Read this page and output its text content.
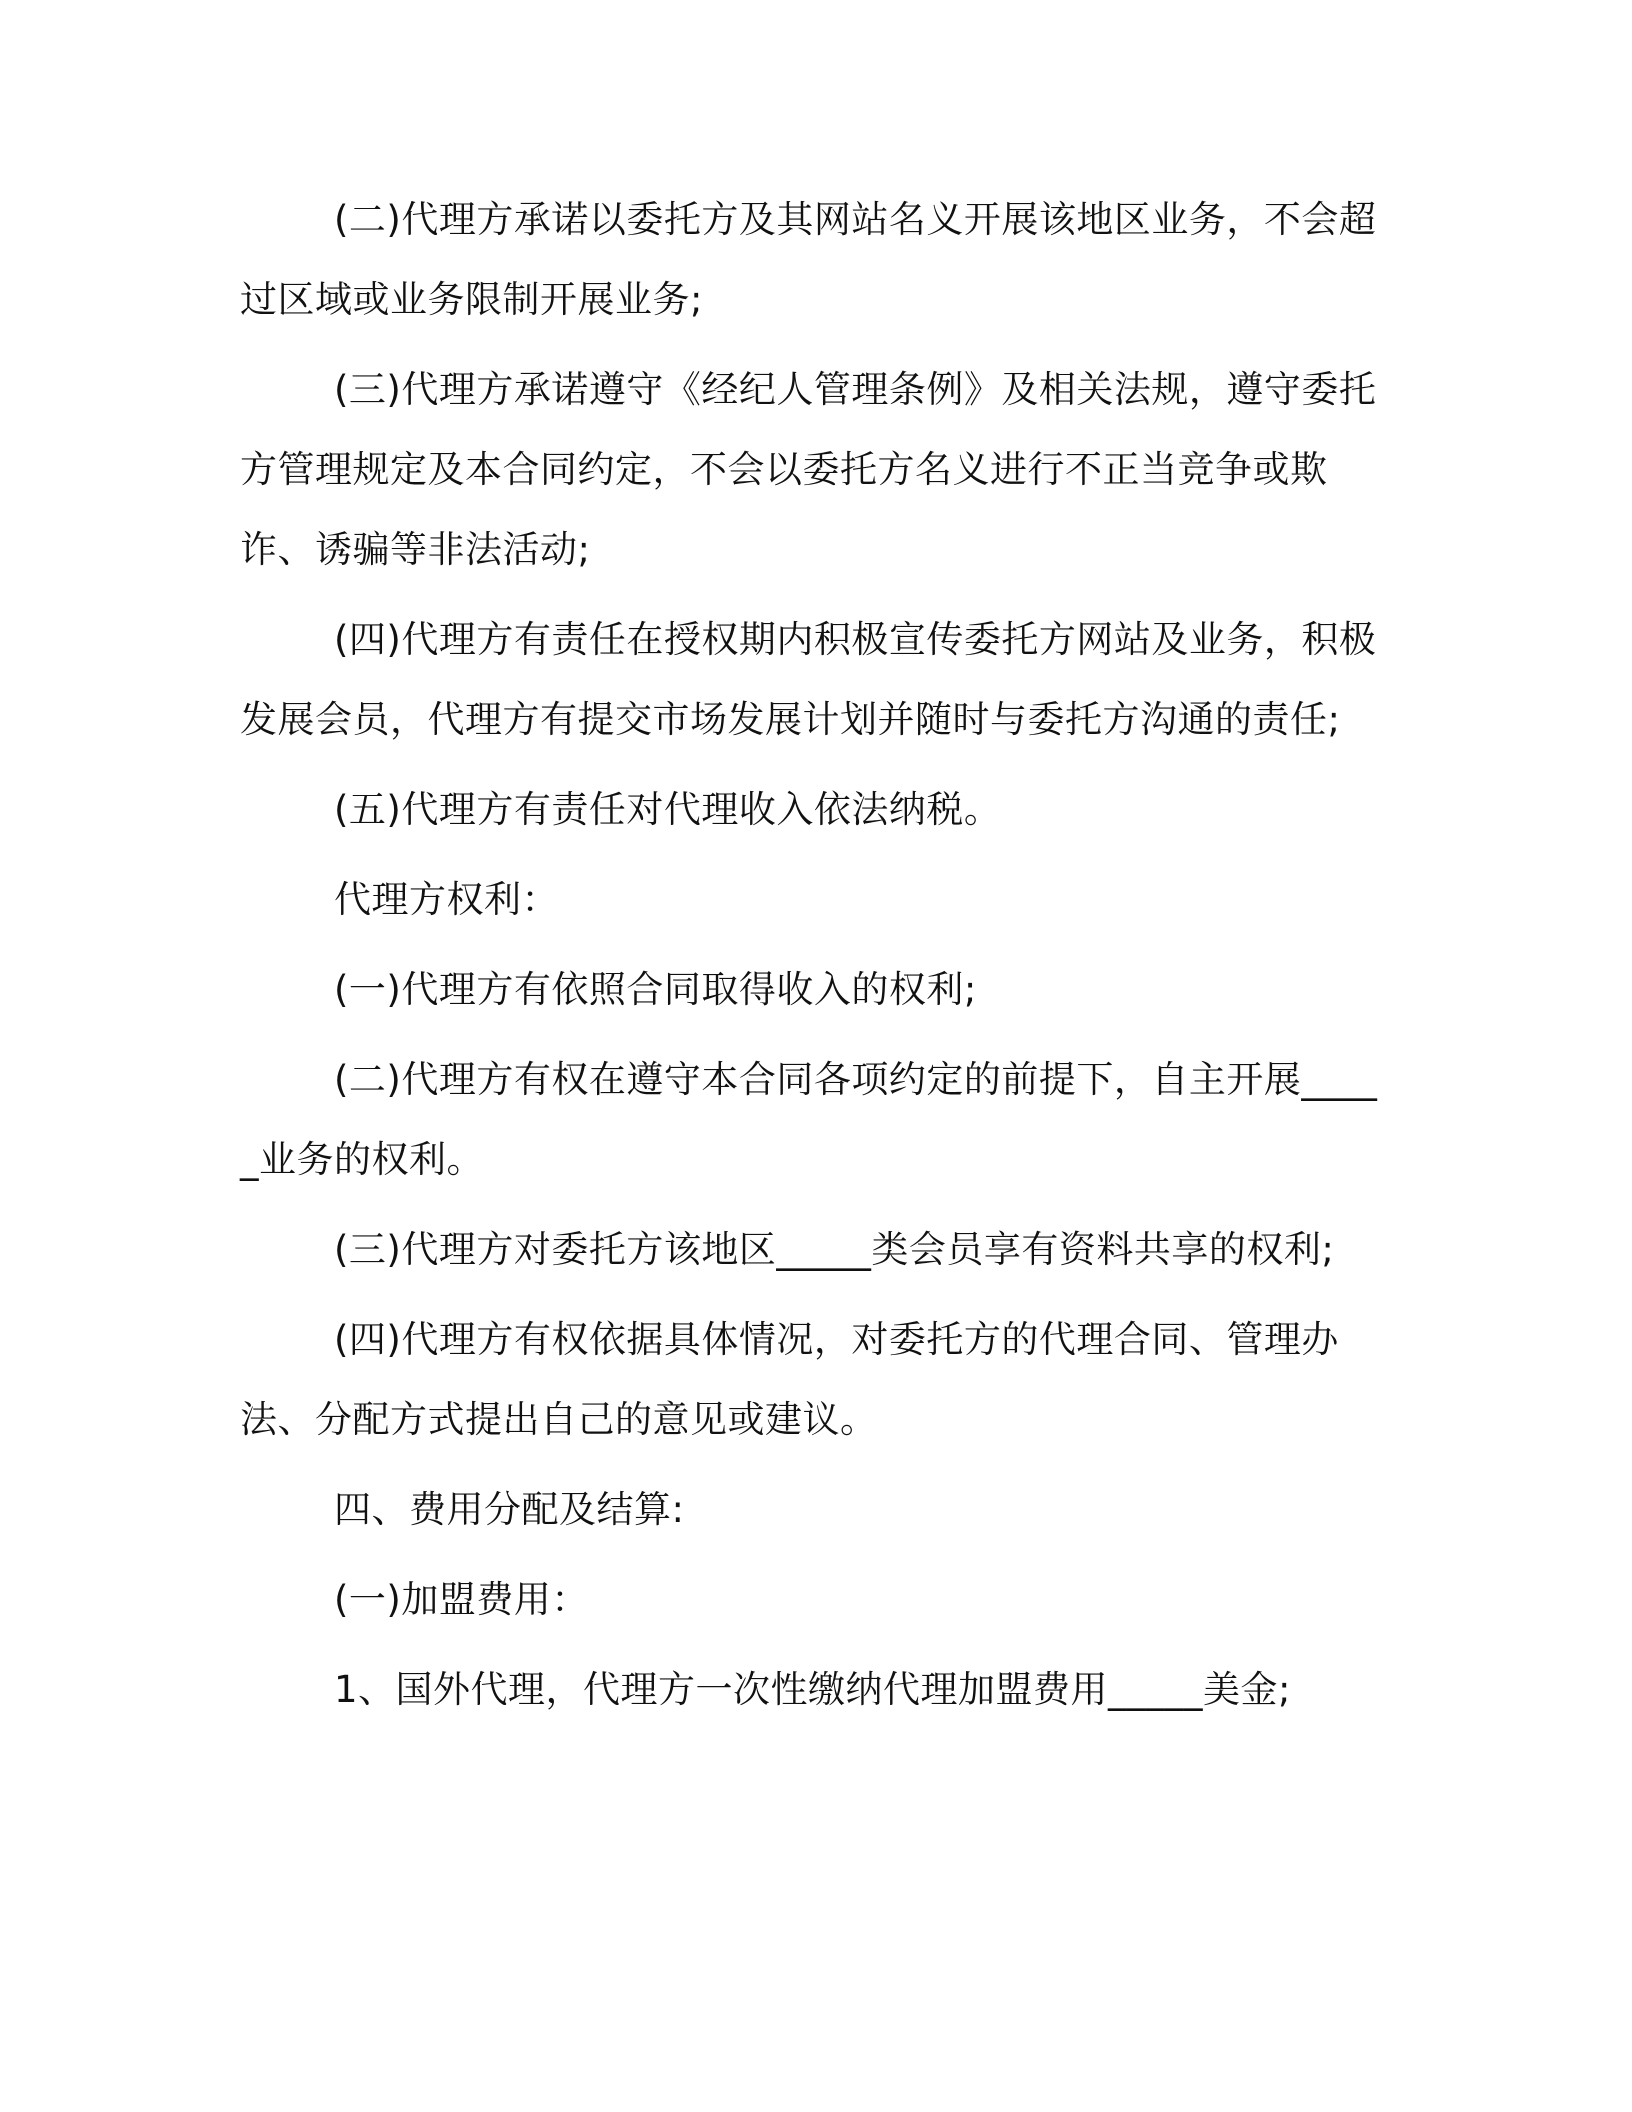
(二)代理方承诺以委托方及其网站名义开展该地区业务，不会超过区域或业务限制开展业务;

(三)代理方承诺遵守《经纪人管理条例》及相关法规，遵守委托方管理规定及本合同约定，不会以委托方名义进行不正当竞争或欺诈、诱骗等非法活动;

(四)代理方有责任在授权期内积极宣传委托方网站及业务，积极发展会员，代理方有提交市场发展计划并随时与委托方沟通的责任;

(五)代理方有责任对代理收入依法纳税。

代理方权利：

(一)代理方有依照合同取得收入的权利;

(二)代理方有权在遵守本合同各项约定的前提下，自主开展_____业务的权利。

(三)代理方对委托方该地区_____类会员享有资料共享的权利;

(四)代理方有权依据具体情况，对委托方的代理合同、管理办法、分配方式提出自己的意见或建议。

四、费用分配及结算:

(一)加盟费用：

1、国外代理，代理方一次性缴纳代理加盟费用_____美金;
